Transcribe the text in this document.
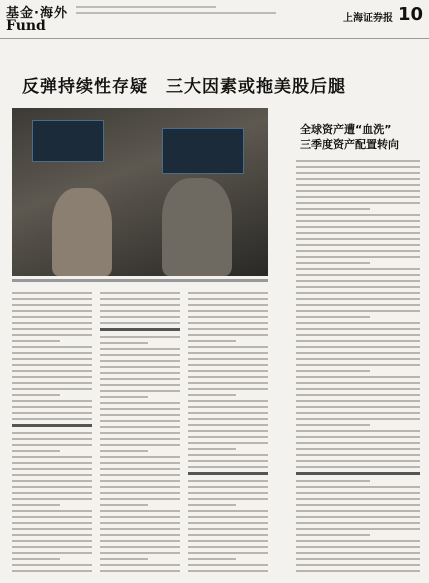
基金·海外
Fund	上海证券报 10
反弹持续性存疑　三大因素或拖美股后腿
全球资产遭“血洗”
三季度资产配置转向
